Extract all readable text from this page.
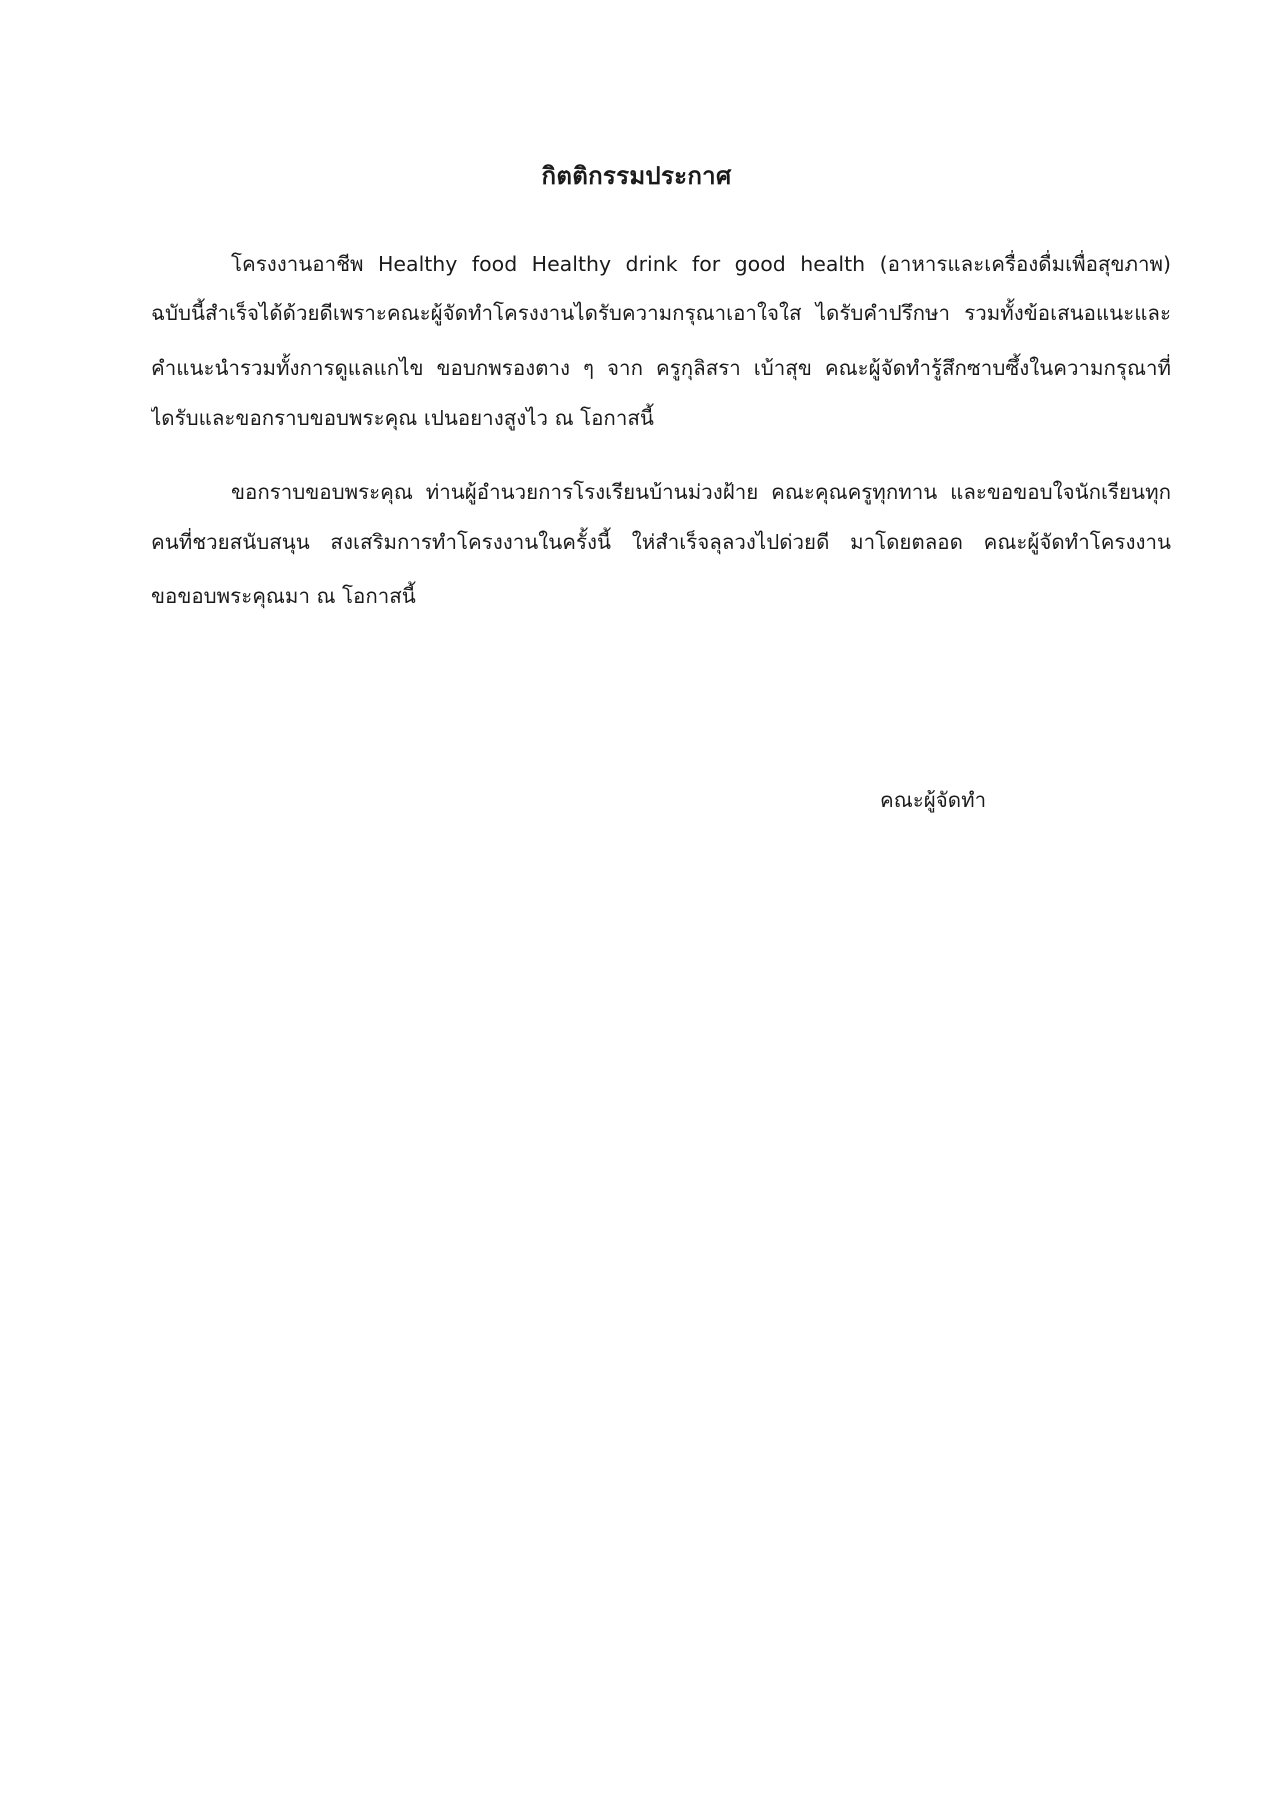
กิตติกรรมประกาศ
โครงงานอาชีพ Healthy food Healthy drink for good health (อาหารและเครื่องดื่มเพื่อสุขภาพ)
ฉบับนี้สำเร็จได้ด้วยดีเพราะคณะผู้จัดทำโครงงานไดรับความกรุณาเอาใจใส ไดรับคำปรึกษา รวมทั้งข้อเสนอแนะและ
คำแนะนำรวมทั้งการดูแลแกไข ขอบกพรองตาง ๆ จาก ครูกุลิสรา เบ้าสุข คณะผู้จัดทำรู้สึกซาบซึ้งในความกรุณาที่
ไดรับและขอกราบขอบพระคุณ เปนอยางสูงไว ณ โอกาสนี้
ขอกราบขอบพระคุณ ท่านผู้อำนวยการโรงเรียนบ้านม่วงฝ้าย คณะคุณครูทุกทาน และขอขอบใจนักเรียนทุก
คนที่ชวยสนับสนุน สงเสริมการทำโครงงานในครั้งนี้ ให่สำเร็จลุลวงไปด่วยดี มาโดยตลอด คณะผู้จัดทำโครงงาน
ขอขอบพระคุณมา ณ โอกาสนี้
คณะผู้จัดทำ
